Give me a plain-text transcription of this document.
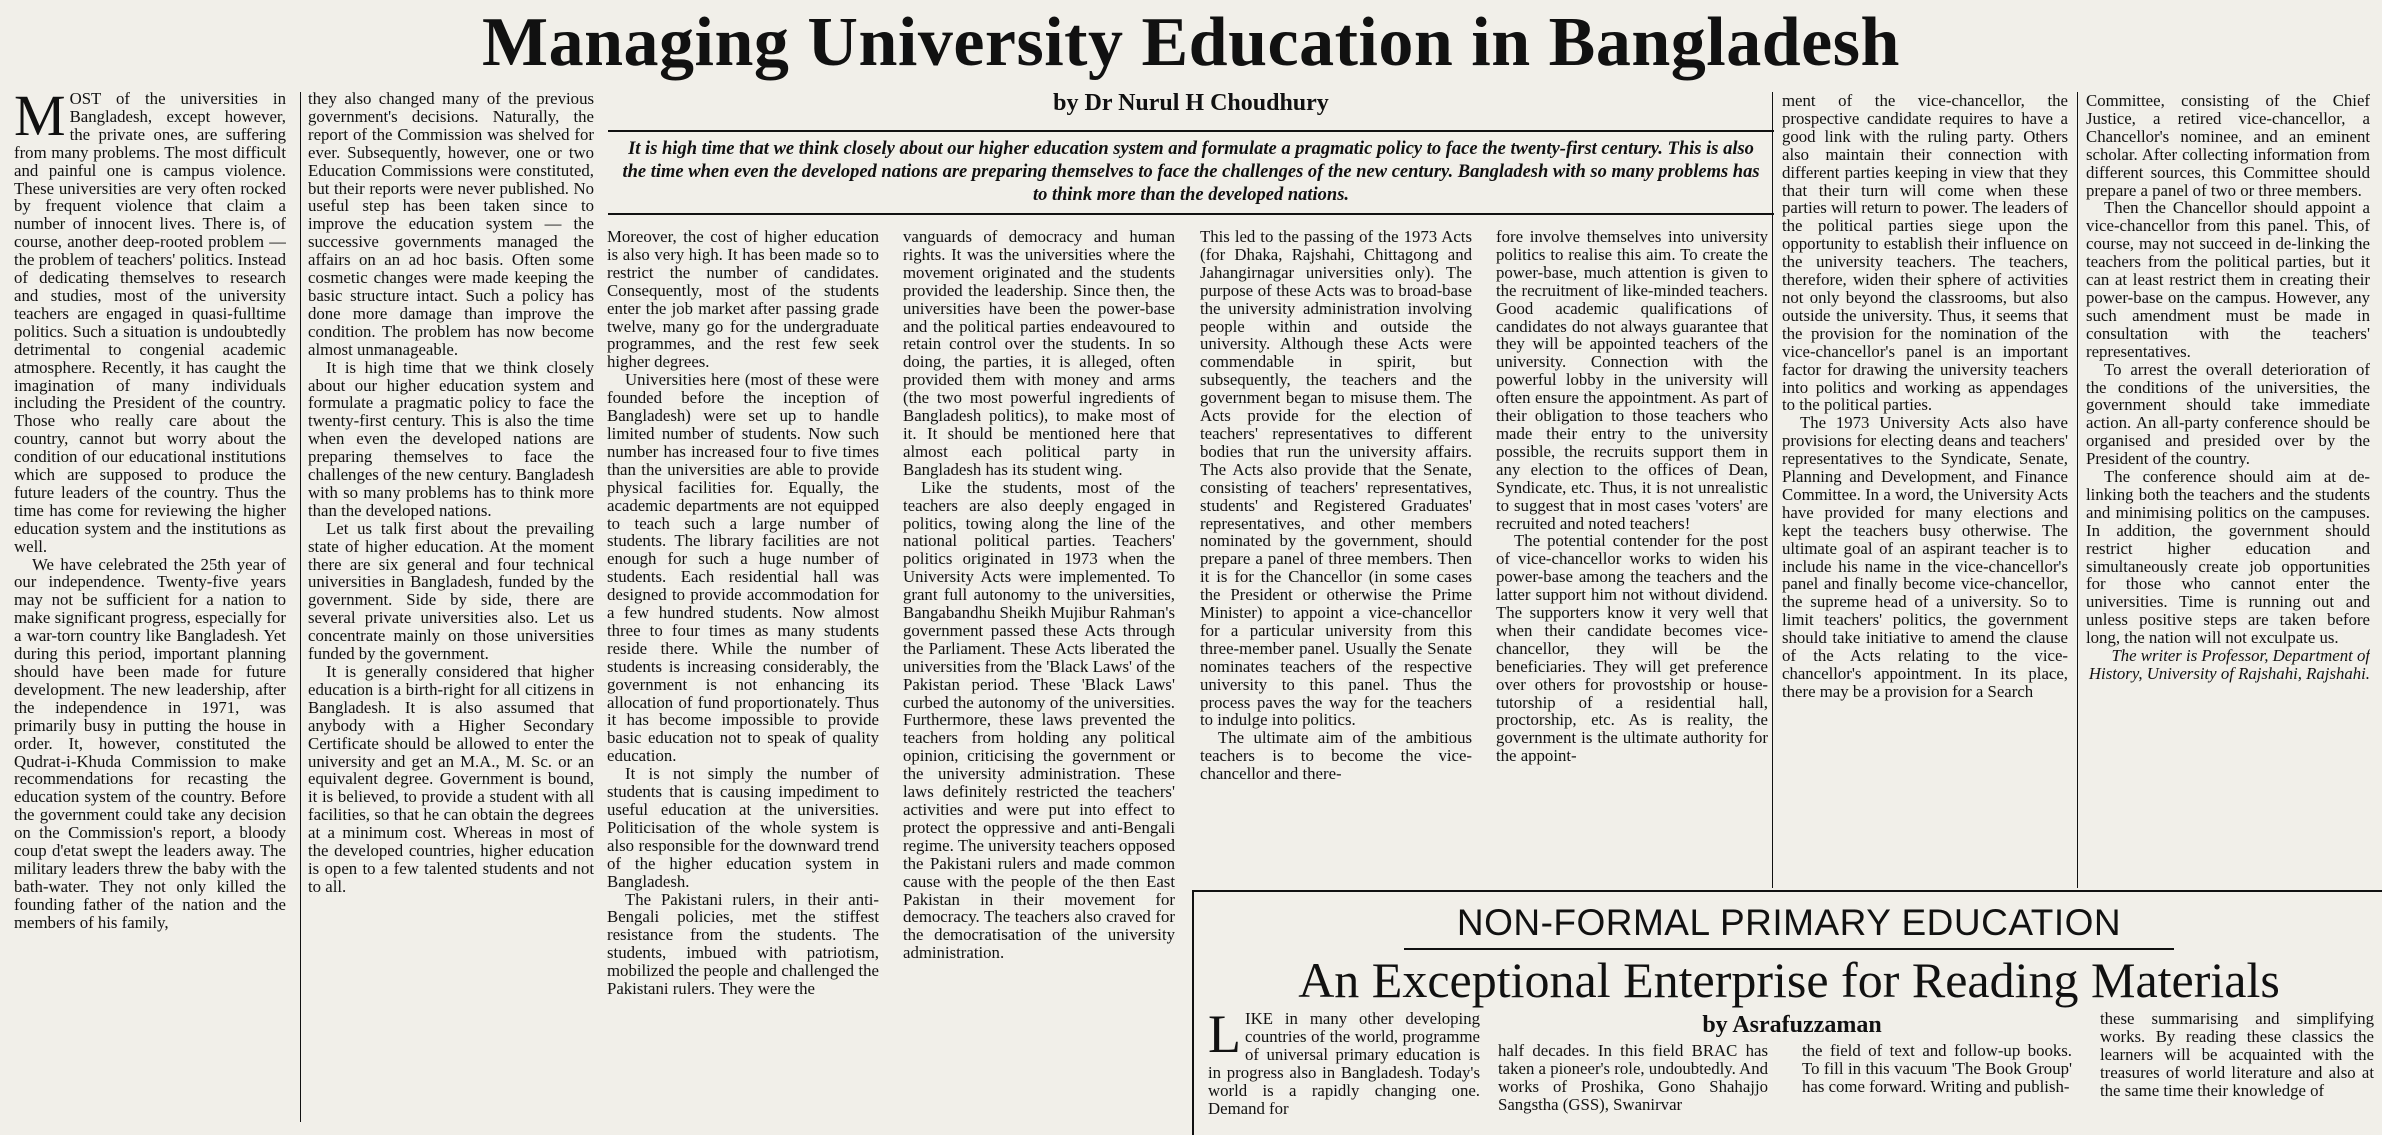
Managing University Education in Bangladesh
by Dr Nurul H Choudhury
It is high time that we think closely about our higher education system and formulate a pragmatic policy to face the twenty-first century. This is also the time when even the developed nations are preparing themselves to face the challenges of the new century. Bangladesh with so many problems has to think more than the developed nations.

MOST of the universities in Bangladesh, except however, the private ones, are suffering from many problems. The most difficult and painful one is campus violence. These universities are very often rocked by frequent violence that claim a number of innocent lives. There is, of course, another deep-rooted problem — the problem of teachers' politics. Instead of dedicating themselves to research and studies, most of the university teachers are engaged in quasi-fulltime politics. Such a situation is undoubtedly detrimental to congenial academic atmosphere. Recently, it has caught the imagination of many individuals including the President of the country. Those who really care about the country, cannot but worry about the condition of our educational institutions which are supposed to produce the future leaders of the country. Thus the time has come for reviewing the higher education system and the institutions as well.

We have celebrated the 25th year of our independence. Twenty-five years may not be sufficient for a nation to make significant progress, especially for a war-torn country like Bangladesh. Yet during this period, important planning should have been made for future development. The new leadership, after the independence in 1971, was primarily busy in putting the house in order. It, however, constituted the Qudrat-i-Khuda Commission to make recommendations for recasting the education system of the country. Before the government could take any decision on the Commission's report, a bloody coup d'etat swept the leaders away. The military leaders threw the baby with the bath-water. They not only killed the founding father of the nation and the members of his family,

they also changed many of the previous government's decisions. Naturally, the report of the Commission was shelved for ever. Subsequently, however, one or two Education Commissions were constituted, but their reports were never published. No useful step has been taken since to improve the education system — the successive governments managed the affairs on an ad hoc basis. Often some cosmetic changes were made keeping the basic structure intact. Such a policy has done more damage than improve the condition. The problem has now become almost unmanageable.

It is high time that we think closely about our higher education system and formulate a pragmatic policy to face the twenty-first century. This is also the time when even the developed nations are preparing themselves to face the challenges of the new century. Bangladesh with so many problems has to think more than the developed nations.

Let us talk first about the prevailing state of higher education. At the moment there are six general and four technical universities in Bangladesh, funded by the government. Side by side, there are several private universities also. Let us concentrate mainly on those universities funded by the government.

It is generally considered that higher education is a birth-right for all citizens in Bangladesh. It is also assumed that anybody with a Higher Secondary Certificate should be allowed to enter the university and get an M.A., M. Sc. or an equivalent degree. Government is bound, it is believed, to provide a student with all facilities, so that he can obtain the degrees at a minimum cost. Whereas in most of the developed countries, higher education is open to a few talented students and not to all.

Moreover, the cost of higher education is also very high. It has been made so to restrict the number of candidates. Consequently, most of the students enter the job market after passing grade twelve, many go for the undergraduate programmes, and the rest few seek higher degrees.

Universities here (most of these were founded before the inception of Bangladesh) were set up to handle limited number of students. Now such number has increased four to five times than the universities are able to provide physical facilities for. Equally, the academic departments are not equipped to teach such a large number of students. The library facilities are not enough for such a huge number of students. Each residential hall was designed to provide accommodation for a few hundred students. Now almost three to four times as many students reside there. While the number of students is increasing considerably, the government is not enhancing its allocation of fund proportionately. Thus it has become impossible to provide basic education not to speak of quality education.

It is not simply the number of students that is causing impediment to useful education at the universities. Politicisation of the whole system is also responsible for the downward trend of the higher education system in Bangladesh.

The Pakistani rulers, in their anti-Bengali policies, met the stiffest resistance from the students. The students, imbued with patriotism, mobilized the people and challenged the Pakistani rulers. They were the

vanguards of democracy and human rights. It was the universities where the movement originated and the students provided the leadership. Since then, the universities have been the power-base and the political parties endeavoured to retain control over the students. In so doing, the parties, it is alleged, often provided them with money and arms (the two most powerful ingredients of Bangladesh politics), to make most of it. It should be mentioned here that almost each political party in Bangladesh has its student wing.

Like the students, most of the teachers are also deeply engaged in politics, towing along the line of the national political parties. Teachers' politics originated in 1973 when the University Acts were implemented. To grant full autonomy to the universities, Bangabandhu Sheikh Mujibur Rahman's government passed these Acts through the Parliament. These Acts liberated the universities from the 'Black Laws' of the Pakistan period. These 'Black Laws' curbed the autonomy of the universities. Furthermore, these laws prevented the teachers from holding any political opinion, criticising the government or the university administration. These laws definitely restricted the teachers' activities and were put into effect to protect the oppressive and anti-Bengali regime. The university teachers opposed the Pakistani rulers and made common cause with the people of the then East Pakistan in their movement for democracy. The teachers also craved for the democratisation of the university administration.

This led to the passing of the 1973 Acts (for Dhaka, Rajshahi, Chittagong and Jahangirnagar universities only). The purpose of these Acts was to broad-base the university administration involving people within and outside the university. Although these Acts were commendable in spirit, but subsequently, the teachers and the government began to misuse them. The Acts provide for the election of teachers' representatives to different bodies that run the university affairs. The Acts also provide that the Senate, consisting of teachers' representatives, students' and Registered Graduates' representatives, and other members nominated by the government, should prepare a panel of three members. Then it is for the Chancellor (in some cases the President or otherwise the Prime Minister) to appoint a vice-chancellor for a particular university from this three-member panel. Usually the Senate nominates teachers of the respective university to this panel. Thus the process paves the way for the teachers to indulge into politics.

The ultimate aim of the ambitious teachers is to become the vice-chancellor and there-

fore involve themselves into university politics to realise this aim. To create the power-base, much attention is given to the recruitment of like-minded teachers. Good academic qualifications of candidates do not always guarantee that they will be appointed teachers of the university. Connection with the powerful lobby in the university will often ensure the appointment. As part of their obligation to those teachers who made their entry to the university possible, the recruits support them in any election to the offices of Dean, Syndicate, etc. Thus, it is not unrealistic to suggest that in most cases 'voters' are recruited and noted teachers!

The potential contender for the post of vice-chancellor works to widen his power-base among the teachers and the latter support him not without dividend. The supporters know it very well that when their candidate becomes vice-chancellor, they will be the beneficiaries. They will get preference over others for provostship or house-tutorship of a residential hall, proctorship, etc. As is reality, the government is the ultimate authority for the appoint-

ment of the vice-chancellor, the prospective candidate requires to have a good link with the ruling party. Others also maintain their connection with different parties keeping in view that they that their turn will come when these parties will return to power. The leaders of the political parties siege upon the opportunity to establish their influence on the university teachers. The teachers, therefore, widen their sphere of activities not only beyond the classrooms, but also outside the university. Thus, it seems that the provision for the nomination of the vice-chancellor's panel is an important factor for drawing the university teachers into politics and working as appendages to the political parties.

The 1973 University Acts also have provisions for electing deans and teachers' representatives to the Syndicate, Senate, Planning and Development, and Finance Committee. In a word, the University Acts have provided for many elections and kept the teachers busy otherwise. The ultimate goal of an aspirant teacher is to include his name in the vice-chancellor's panel and finally become vice-chancellor, the supreme head of a university. So to limit teachers' politics, the government should take initiative to amend the clause of the Acts relating to the vice-chancellor's appointment. In its place, there may be a provision for a Search

Committee, consisting of the Chief Justice, a retired vice-chancellor, a Chancellor's nominee, and an eminent scholar. After collecting information from different sources, this Committee should prepare a panel of two or three members.

Then the Chancellor should appoint a vice-chancellor from this panel. This, of course, may not succeed in de-linking the teachers from the political parties, but it can at least restrict them in creating their power-base on the campus. However, any such amendment must be made in consultation with the teachers' representatives.

To arrest the overall deterioration of the conditions of the universities, the government should take immediate action. An all-party conference should be organised and presided over by the President of the country.

The conference should aim at de-linking both the teachers and the students and minimising politics on the campuses. In addition, the government should restrict higher education and simultaneously create job opportunities for those who cannot enter the universities. Time is running out and unless positive steps are taken before long, the nation will not exculpate us.

The writer is Professor, Department of History, University of Rajshahi, Rajshahi.

NON-FORMAL PRIMARY EDUCATION
An Exceptional Enterprise for Reading Materials
by Asrafuzzaman

LIKE in many other developing countries of the world, programme of universal primary education is in progress also in Bangladesh. Today's world is a rapidly changing one. Demand for

half decades. In this field BRAC has taken a pioneer's role, undoubtedly. And works of Proshika, Gono Shahajjo Sangstha (GSS), Swanirvar

the field of text and follow-up books. To fill in this vacuum 'The Book Group' has come forward. Writing and publish-

these summarising and simplifying works. By reading these classics the learners will be acquainted with the treasures of world literature and also at the same time their knowledge of
